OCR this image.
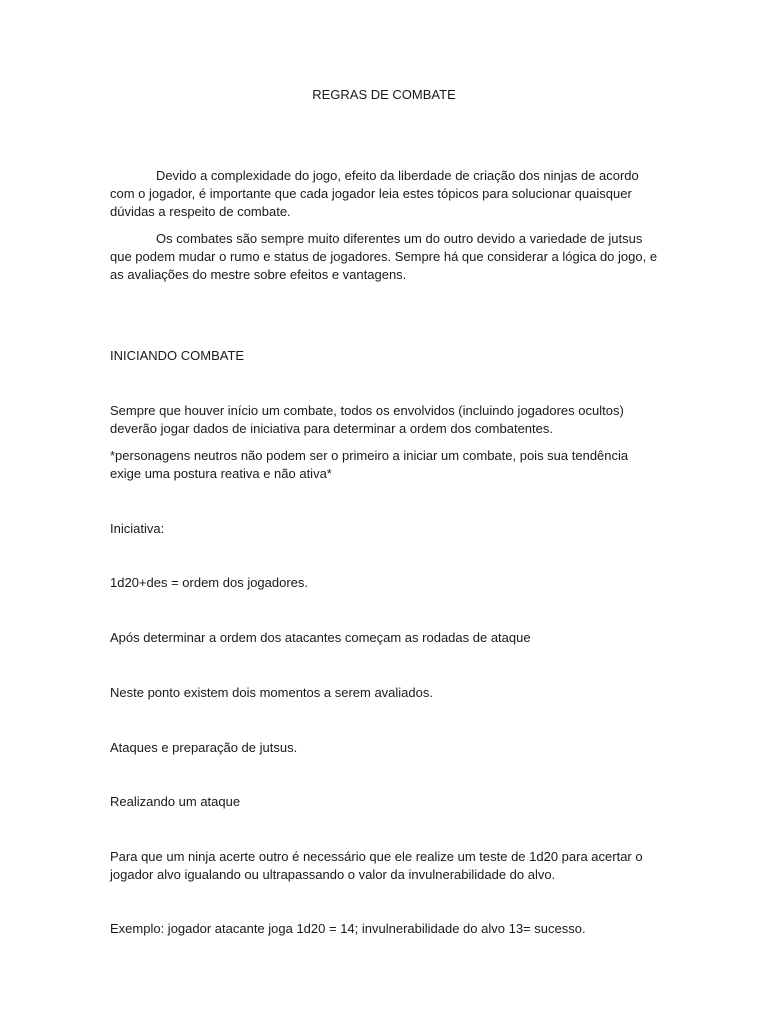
REGRAS DE COMBATE

Devido a complexidade do jogo, efeito da liberdade de criação dos ninjas de acordo com o jogador, é importante que cada jogador leia estes tópicos para solucionar quaisquer dúvidas a respeito de combate.

Os combates são sempre muito diferentes um do outro devido a variedade de jutsus que podem mudar o rumo e status de jogadores. Sempre há que considerar a lógica do jogo, e as avaliações do mestre sobre efeitos e vantagens.

INICIANDO COMBATE

Sempre que houver início um combate, todos os envolvidos (incluindo jogadores ocultos) deverão jogar dados de iniciativa para determinar a ordem dos combatentes.

*personagens neutros não podem ser o primeiro a iniciar um combate, pois sua tendência exige uma postura reativa e não ativa*

Iniciativa:

1d20+des = ordem dos jogadores.

Após determinar a ordem dos atacantes começam as rodadas de ataque

Neste ponto existem dois momentos a serem avaliados.

Ataques e preparação de jutsus.

Realizando um ataque

Para que um ninja acerte outro é necessário que ele realize um teste de 1d20 para acertar o jogador alvo igualando ou ultrapassando o valor da invulnerabilidade do alvo.

Exemplo: jogador atacante joga 1d20 = 14; invulnerabilidade do alvo 13= sucesso.
